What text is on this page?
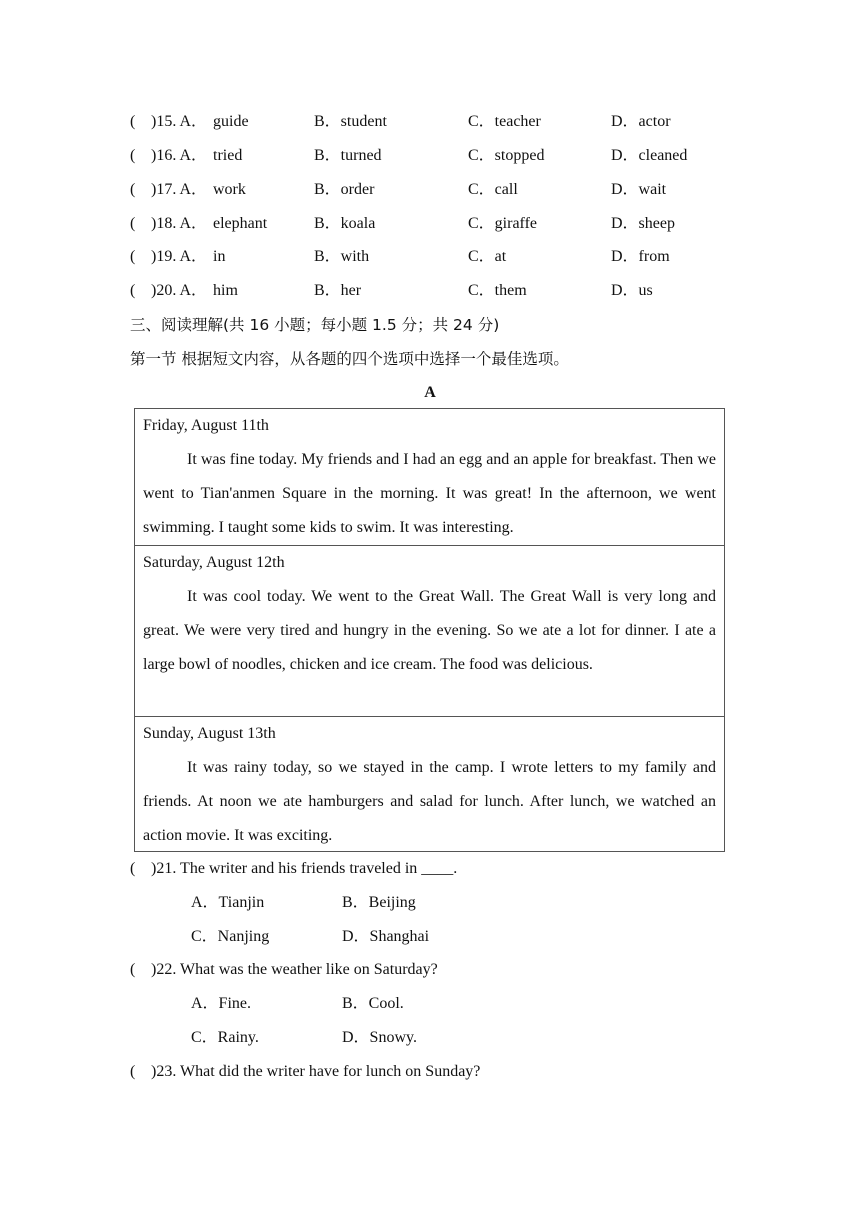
( )15. A． guide	B．student	C．teacher	D．actor
( )16. A． tried	B．turned	C．stopped	D．cleaned
( )17. A． work	B．order	C．call	D．wait
( )18. A． elephant	B．koala	C．giraffe	D．sheep
( )19. A． in	B．with	C．at	D．from
( )20. A． him	B．her	C．them	D．us
三、阅读理解(共 16 小题；每小题 1.5 分；共 24 分)
第一节 根据短文内容，从各题的四个选项中选择一个最佳选项。
A
Friday, August 11th
It was fine today. My friends and I had an egg and an apple for breakfast. Then we went to Tian'anmen Square in the morning. It was great! In the afternoon, we went swimming. I taught some kids to swim. It was interesting.
Saturday, August 12th
It was cool today. We went to the Great Wall. The Great Wall is very long and great. We were very tired and hungry in the evening. So we ate a lot for dinner. I ate a large bowl of noodles, chicken and ice cream. The food was delicious.
Sunday, August 13th
It was rainy today, so we stayed in the camp. I wrote letters to my family and friends. At noon we ate hamburgers and salad for lunch. After lunch, we watched an action movie. It was exciting.
( )21. The writer and his friends traveled in ____.
A．Tianjin	B．Beijing
C．Nanjing	D．Shanghai
( )22. What was the weather like on Saturday?
A．Fine.	B．Cool.
C．Rainy.	D．Snowy.
( )23. What did the writer have for lunch on Sunday?
